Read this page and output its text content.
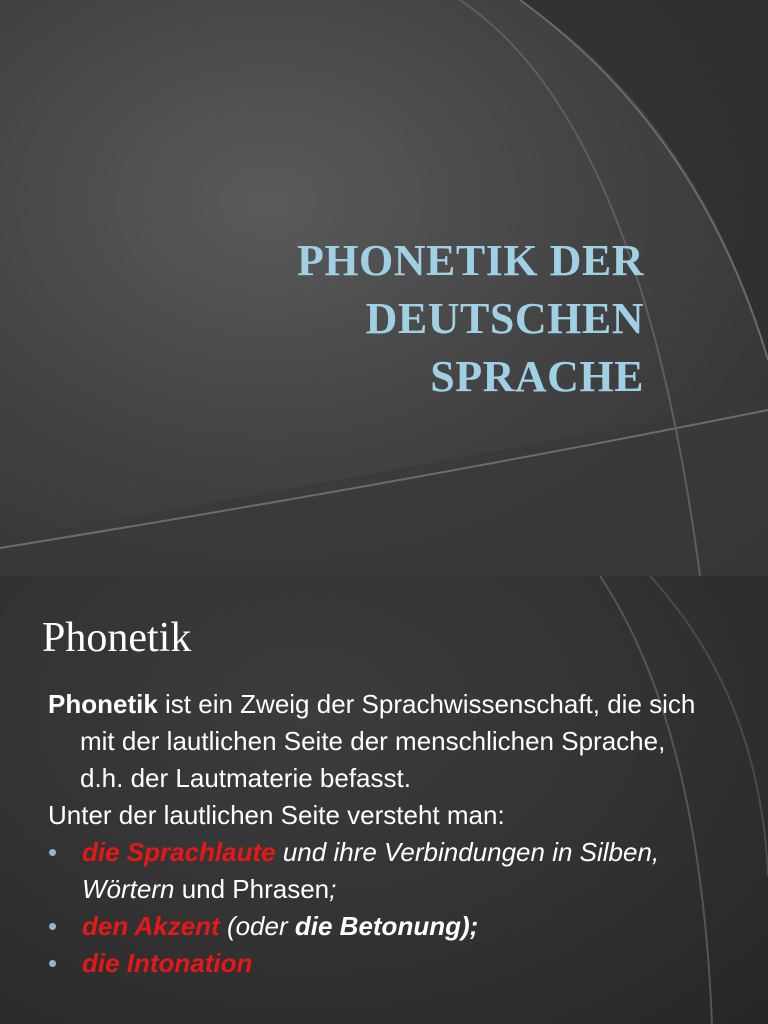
PHONETIK DER
DEUTSCHEN
SPRACHE
Phonetik

Phonetik ist ein Zweig der Sprachwissenschaft, die sich mit der lautlichen Seite der menschlichen Sprache, d.h. der Lautmaterie befasst.

Unter der lautlichen Seite versteht man:

• die Sprachlaute und ihre Verbindungen in Silben, Wörtern und Phrasen;
• den Akzent (oder die Betonung);
• die Intonation
